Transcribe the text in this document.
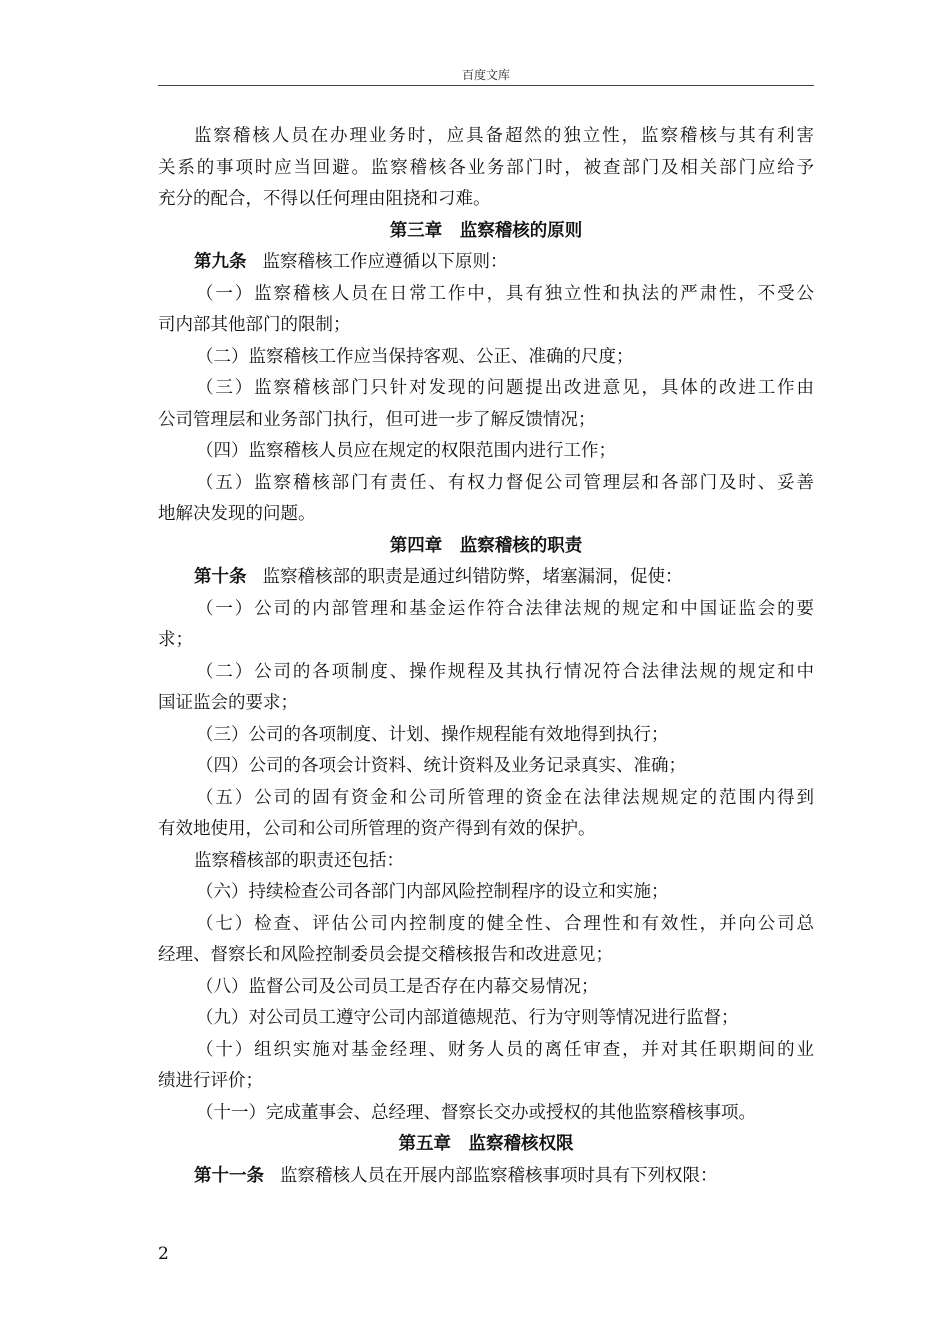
百度文库
监察稽核人员在办理业务时，应具备超然的独立性，监察稽核与其有利害
关系的事项时应当回避。监察稽核各业务部门时，被查部门及相关部门应给予
充分的配合，不得以任何理由阻挠和刁难。
第三章　监察稽核的原则
第九条 监察稽核工作应遵循以下原则：
（一）监察稽核人员在日常工作中，具有独立性和执法的严肃性，不受公
司内部其他部门的限制；
（二）监察稽核工作应当保持客观、公正、准确的尺度；
（三）监察稽核部门只针对发现的问题提出改进意见，具体的改进工作由
公司管理层和业务部门执行，但可进一步了解反馈情况；
（四）监察稽核人员应在规定的权限范围内进行工作；
（五）监察稽核部门有责任、有权力督促公司管理层和各部门及时、妥善
地解决发现的问题。
第四章　监察稽核的职责
第十条 监察稽核部的职责是通过纠错防弊，堵塞漏洞，促使：
（一）公司的内部管理和基金运作符合法律法规的规定和中国证监会的要
求；
（二）公司的各项制度、操作规程及其执行情况符合法律法规的规定和中
国证监会的要求；
（三）公司的各项制度、计划、操作规程能有效地得到执行；
（四）公司的各项会计资料、统计资料及业务记录真实、准确；
（五）公司的固有资金和公司所管理的资金在法律法规规定的范围内得到
有效地使用，公司和公司所管理的资产得到有效的保护。
监察稽核部的职责还包括：
（六）持续检查公司各部门内部风险控制程序的设立和实施；
（七）检查、评估公司内控制度的健全性、合理性和有效性，并向公司总
经理、督察长和风险控制委员会提交稽核报告和改进意见；
（八）监督公司及公司员工是否存在内幕交易情况；
（九）对公司员工遵守公司内部道德规范、行为守则等情况进行监督；
（十）组织实施对基金经理、财务人员的离任审查，并对其任职期间的业
绩进行评价；
（十一）完成董事会、总经理、督察长交办或授权的其他监察稽核事项。
第五章　监察稽核权限
第十一条 监察稽核人员在开展内部监察稽核事项时具有下列权限：
2
